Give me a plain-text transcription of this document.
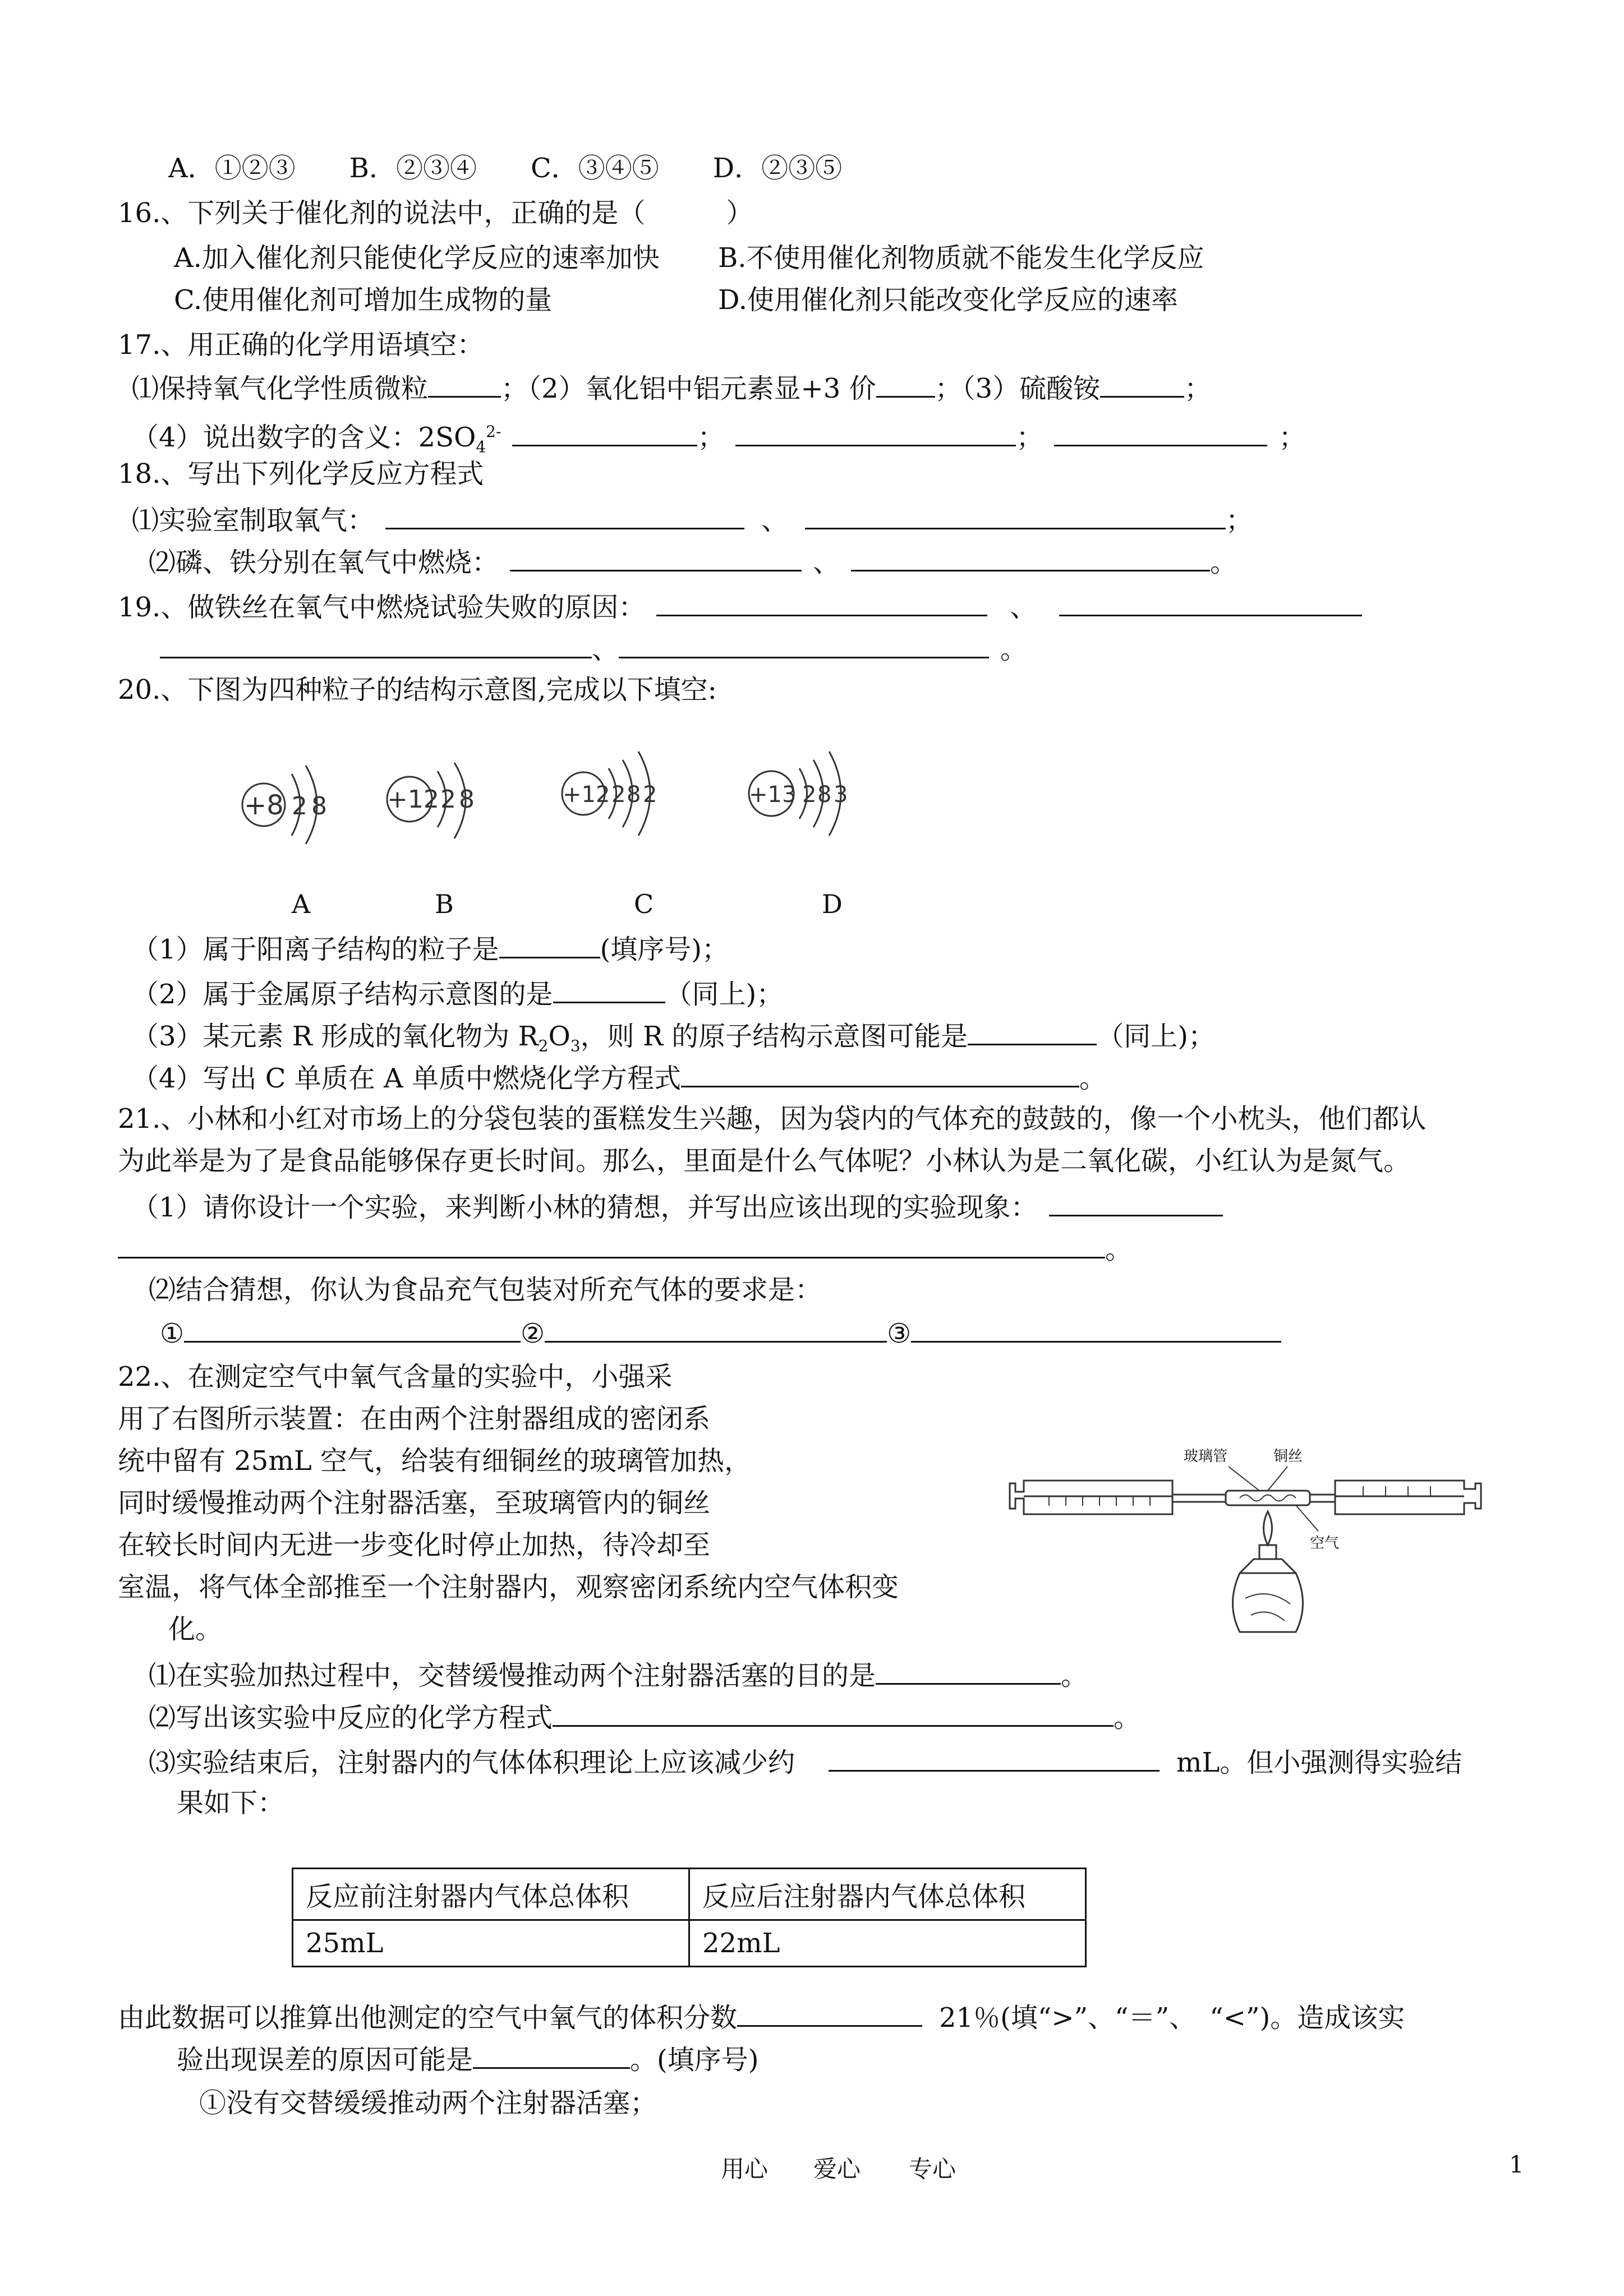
A．①②③　　B．②③④　　C．③④⑤　　D．②③⑤
16.、下列关于催化剂的说法中，正确的是（　　　）
A.加入催化剂只能使化学反应的速率加快 B.不使用催化剂物质就不能发生化学反应
C.使用催化剂可增加生成物的量	D.使用催化剂只能改变化学反应的速率
17.、用正确的化学用语填空：
⑴保持氧气化学性质微粒	；（2）氧化铝中铝元素显+3 价 ；（3）硫酸铵	；
（4）说出数字的含义：$2SO_4^{2-}$	；	；	；
18.、写出下列化学反应方程式
⑴实验室制取氧气：	、	；
⑵磷、铁分别在氧气中燃烧：	、	。
19.、做铁丝在氧气中燃烧试验失败的原因：	、
、	。
20.、下图为四种粒子的结构示意图,完成以下填空:
+8 2 8 +12 2 8	+12 2 8 2	+13 2 8 3
A	B	C	D
（1）属于阳离子结构的粒子是	(填序号)；
（2）属于金属原子结构示意图的是	（同上)；
（3）某元素 R 形成的氧化物为 $R_2O_3$，则 R 的原子结构示意图可能是	（同上)；
（4）写出 C 单质在 A 单质中燃烧化学方程式	。
21.、小林和小红对市场上的分袋包装的蛋糕发生兴趣，因为袋内的气体充的鼓鼓的，像一个小枕头，他们都认
为此举是为了是食品能够保存更长时间。那么，里面是什么气体呢？小林认为是二氧化碳，小红认为是氮气。
（1）请你设计一个实验，来判断小林的猜想，并写出应该出现的实验现象：
。
⑵结合猜想，你认为食品充气包装对所充气体的要求是：
①	②	③
22.、在测定空气中氧气含量的实验中，小强采
用了右图所示装置：在由两个注射器组成的密闭系
统中留有 25mL 空气，给装有细铜丝的玻璃管加热，
同时缓慢推动两个注射器活塞，至玻璃管内的铜丝
在较长时间内无进一步变化时停止加热，待冷却至
室温，将气体全部推至一个注射器内，观察密闭系统内空气体积变
化。
玻璃管	铜丝
空气
⑴在实验加热过程中，交替缓慢推动两个注射器活塞的目的是	。
⑵写出该实验中反应的化学方程式	。
⑶实验结束后，注射器内的气体体积理论上应该减少约	mL。但小强测得实验结
果如下：
反应前注射器内气体总体积	反应后注射器内气体总体积
25mL	22mL
由此数据可以推算出他测定的空气中氧气的体积分数	21％(填“>”、“＝”、　“<”)。造成该实
验出现误差的原因可能是	。(填序号)
①没有交替缓缓推动两个注射器活塞；
用心 爱心 专心	1
